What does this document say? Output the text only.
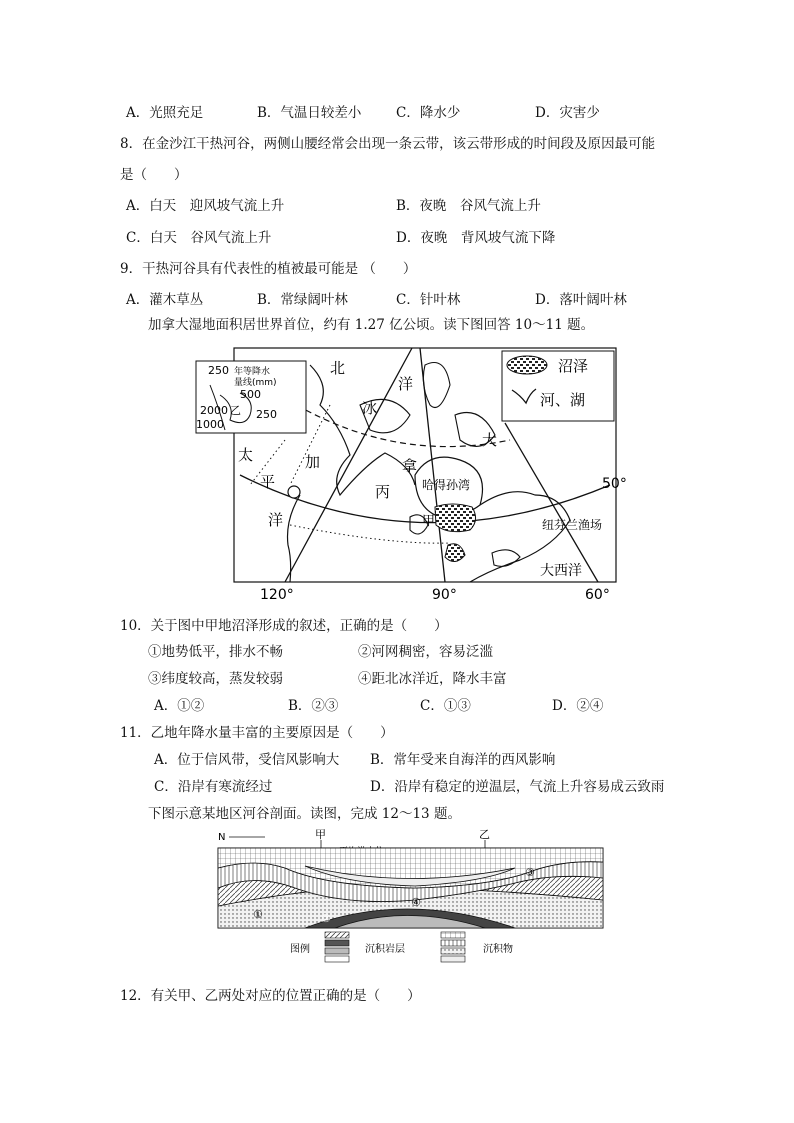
A．光照充足	B．气温日较差小	C．降水少	D．灾害少
8．在金沙江干热河谷，两侧山腰经常会出现一条云带，该云带形成的时间段及原因最可能
是（　　）
A．白天　迎风坡气流上升	B．夜晚　谷风气流上升
C．白天　谷风气流上升	D．夜晚　背风坡气流下降
9．干热河谷具有代表性的植被最可能是 （　　）
A．灌木草丛	B．常绿阔叶林	C．针叶林	D．落叶阔叶林
加拿大湿地面积居世界首位，约有 1.27 亿公顷。读下图回答 10～11 题。
年等降水
量线(mm)
250
500
2000
1000
250
乙
沼泽
河、湖
北
冰
洋
太
平
洋
加	拿
大
丙
甲
哈得孙湾
纽芬兰渔场
大西洋
50°
120°	90°	60°
10．关于图中甲地沼泽形成的叙述，正确的是（　　）
①地势低平，排水不畅	②河网稠密，容易泛滥
③纬度较高，蒸发较弱	④距北冰洋近，降水丰富
A．①②	B．②③	C．①③	D．②④
11．乙地年降水量丰富的主要原因是（　　）
A．位于信风带，受信风影响大 B．常年受来自海洋的西风影响
C．沿岸有寒流经过	D．沿岸有稳定的逆温层，气流上升容易成云致雨
下图示意某地区河谷剖面。读图，完成 12～13 题。
N	甲	乙
①	②
③
④
图例	沉积岩层	沉积物
12．有关甲、乙两处对应的位置正确的是（　　）
